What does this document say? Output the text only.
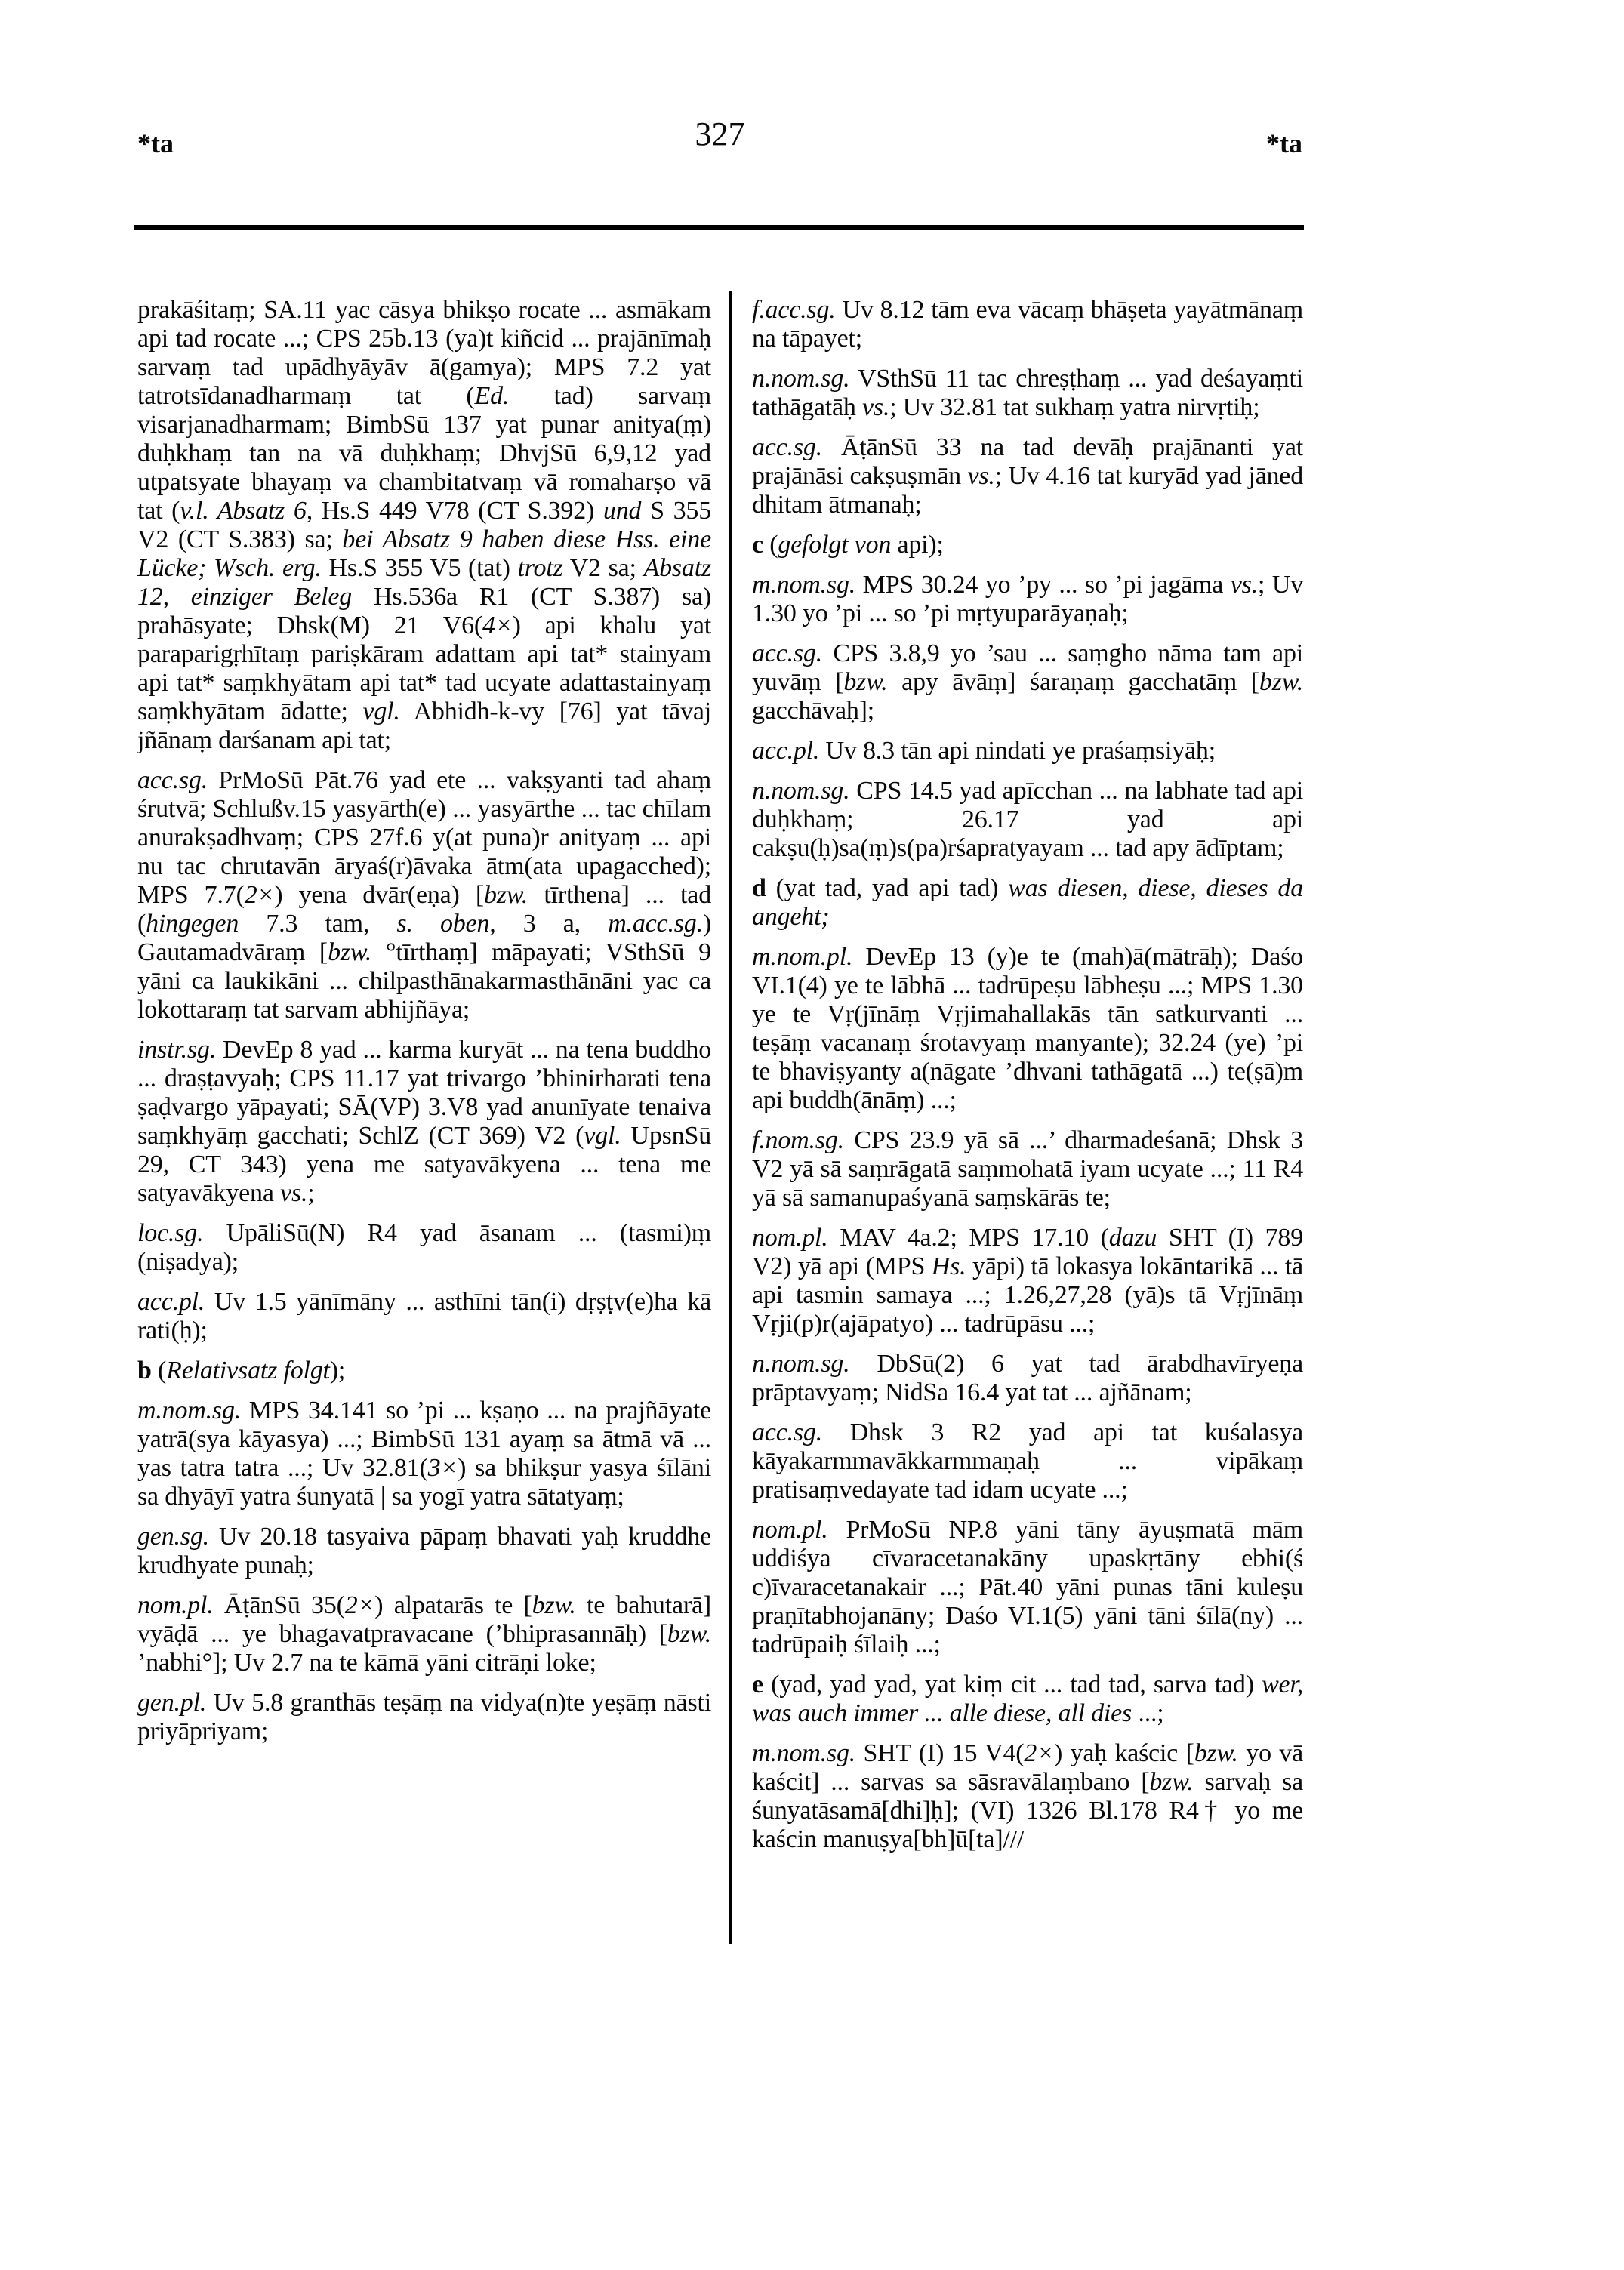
*ta	327	*ta

prakāśitaṃ; SA.11 yac cāsya bhikṣo rocate ... asmākam api tad rocate ...; CPS 25b.13 (ya)t kiñcid ... prajānīmaḥ sarvaṃ tad upādhyāyāv ā(gamya); MPS 7.2 yat tatrotsīdanadharmaṃ tat (Ed. tad) sarvaṃ visarjanadharmam; BimbSū 137 yat punar anitya(ṃ) duḥkhaṃ tan na vā duḥkhaṃ; DhvjSū 6,9,12 yad utpatsyate bhayaṃ va chambitatvaṃ vā romaharṣo vā tat (v.l. Absatz 6, Hs.S 449 V78 (CT S.392) und S 355 V2 (CT S.383) sa; bei Absatz 9 haben diese Hss. eine Lücke; Wsch. erg. Hs.S 355 V5 (tat) trotz V2 sa; Absatz 12, einziger Beleg Hs.536a R1 (CT S.387) sa) prahāsyate; Dhsk(M) 21 V6(4×) api khalu yat paraparigṛhītaṃ pariṣkāram adattam api tat* stainyam api tat* saṃkhyātam api tat* tad ucyate adattastainyaṃ saṃkhyātam ādatte; vgl. Abhidh-k-vy [76] yat tāvaj jñānaṃ darśanam api tat;

acc.sg. PrMoSū Pāt.76 yad ete ... vakṣyanti tad ahaṃ śrutvā; Schlußv.15 yasyārth(e) ... yasyārthe ... tac chīlam anurakṣadhvaṃ; CPS 27f.6 y(at puna)r anityaṃ ... api nu tac chrutavān āryaś(r)āvaka ātm(ata upagacched); MPS 7.7(2×) yena dvār(eṇa) [bzw. tīrthena] ... tad (hingegen 7.3 tam, s. oben, 3 a, m.acc.sg.) Gautamadvāraṃ [bzw. °tīrthaṃ] māpayati; VSthSū 9 yāni ca laukikāni ... chilpasthānakarmasthānāni yac ca lokottaraṃ tat sarvam abhijñāya;

instr.sg. DevEp 8 yad ... karma kuryāt ... na tena buddho ... draṣṭavyaḥ; CPS 11.17 yat trivargo ’bhinirharati tena ṣaḍvargo yāpayati; SĀ(VP) 3.V8 yad anunīyate tenaiva saṃkhyāṃ gacchati; SchlZ (CT 369) V2 (vgl. UpsnSū 29, CT 343) yena me satyavākyena ... tena me satyavākyena vs.;

loc.sg. UpāliSū(N) R4 yad āsanam ... (tasmi)ṃ (niṣadya);

acc.pl. Uv 1.5 yānīmāny ... asthīni tān(i) dṛṣṭv(e)ha kā rati(ḥ);

b (Relativsatz folgt);

m.nom.sg. MPS 34.141 so ’pi ... kṣaṇo ... na prajñāyate yatrā(sya kāyasya) ...; BimbSū 131 ayaṃ sa ātmā vā ... yas tatra tatra ...; Uv 32.81(3×) sa bhikṣur yasya śīlāni sa dhyāyī yatra śunyatā | sa yogī yatra sātatyaṃ;

gen.sg. Uv 20.18 tasyaiva pāpaṃ bhavati yaḥ kruddhe krudhyate punaḥ;

nom.pl. ĀṭānSū 35(2×) alpatarās te [bzw. te bahutarā] vyāḍā ... ye bhagavatpravacane (’bhiprasannāḥ) [bzw. ’nabhi°]; Uv 2.7 na te kāmā yāni citrāṇi loke;

gen.pl. Uv 5.8 granthās teṣāṃ na vidya(n)te yeṣāṃ nāsti priyāpriyam;

f.acc.sg. Uv 8.12 tām eva vācaṃ bhāṣeta yayātmānaṃ na tāpayet;

n.nom.sg. VSthSū 11 tac chreṣṭhaṃ ... yad deśayaṃti tathāgatāḥ vs.; Uv 32.81 tat sukhaṃ yatra nirvṛtiḥ;

acc.sg. ĀṭānSū 33 na tad devāḥ prajānanti yat prajānāsi cakṣuṣmān vs.; Uv 4.16 tat kuryād yad jāned dhitam ātmanaḥ;

c (gefolgt von api);

m.nom.sg. MPS 30.24 yo ’py ... so ’pi jagāma vs.; Uv 1.30 yo ’pi ... so ’pi mṛtyuparāyaṇaḥ;

acc.sg. CPS 3.8,9 yo ’sau ... saṃgho nāma tam api yuvāṃ [bzw. apy āvāṃ] śaraṇaṃ gacchatāṃ [bzw. gacchāvaḥ];

acc.pl. Uv 8.3 tān api nindati ye praśaṃsiyāḥ;

n.nom.sg. CPS 14.5 yad apīcchan ... na labhate tad api duḥkhaṃ; 26.17 yad api cakṣu(ḥ)sa(ṃ)s(pa)rśapratyayam ... tad apy ādīptam;

d (yat tad, yad api tad) was diesen, diese, dieses da angeht;

m.nom.pl. DevEp 13 (y)e te (mah)ā(mātrāḥ); Daśo VI.1(4) ye te lābhā ... tadrūpeṣu lābheṣu ...; MPS 1.30 ye te Vṛ(jīnāṃ Vṛjimahallakās tān satkurvanti ... teṣāṃ vacanaṃ śrotavyaṃ manyante); 32.24 (ye) ’pi te bhaviṣyanty a(nāgate ’dhvani tathāgatā ...) te(ṣā)m api buddh(ānāṃ) ...;

f.nom.sg. CPS 23.9 yā sā ...’ dharmadeśanā; Dhsk 3 V2 yā sā saṃrāgatā saṃmohatā iyam ucyate ...; 11 R4 yā sā samanupaśyanā saṃskārās te;

nom.pl. MAV 4a.2; MPS 17.10 (dazu SHT (I) 789 V2) yā api (MPS Hs. yāpi) tā lokasya lokāntarikā ... tā api tasmin samaya ...; 1.26,27,28 (yā)s tā Vṛjīnāṃ Vṛji(p)r(ajāpatyo) ... tadrūpāsu ...;

n.nom.sg. DbSū(2) 6 yat tad ārabdhavīryeṇa prāptavyaṃ; NidSa 16.4 yat tat ... ajñānam;

acc.sg. Dhsk 3 R2 yad api tat kuśalasya kāyakarmmavākkarmmaṇaḥ ... vipākaṃ pratisaṃvedayate tad idam ucyate ...;

nom.pl. PrMoSū NP.8 yāni tāny āyuṣmatā mām uddiśya cīvaracetanakāny upaskṛtāny ebhi(ś c)īvaracetanakair ...; Pāt.40 yāni punas tāni kuleṣu praṇītabhojanāny; Daśo VI.1(5) yāni tāni śīlā(ny) ... tadrūpaiḥ śīlaiḥ ...;

e (yad, yad yad, yat kiṃ cit ... tad tad, sarva tad) wer, was auch immer ... alle diese, all dies ...;

m.nom.sg. SHT (I) 15 V4(2×) yaḥ kaścic [bzw. yo vā kaścit] ... sarvas sa sāsravālaṃbano [bzw. sarvaḥ sa śunyatāsamā[dhi]ḥ]; (VI) 1326 Bl.178 R4† yo me kaścin manuṣya[bh]ū[ta]///
